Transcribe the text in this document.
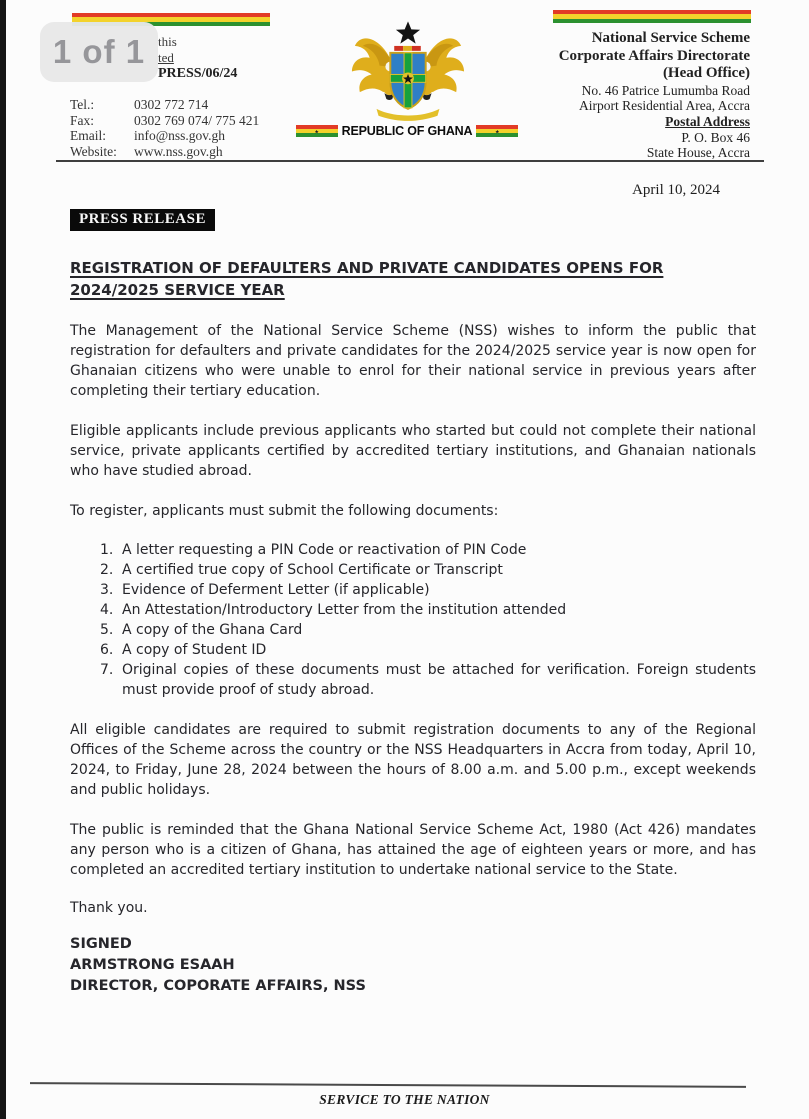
1 of 1 this
ted
PRESS/06/24
Tel.:	0302 772 714
Fax:	0302 769 074/ 775 421
Email:	info@nss.gov.gh
Website:	www.nss.gov.gh
REPUBLIC OF GHANA
National Service Scheme
Corporate Affairs Directorate
(Head Office)
No. 46 Patrice Lumumba Road
Airport Residential Area, Accra
Postal Address
P. O. Box 46
State House, Accra
April 10, 2024
PRESS RELEASE
REGISTRATION OF DEFAULTERS AND PRIVATE CANDIDATES OPENS FOR
2024/2025 SERVICE YEAR
The Management of the National Service Scheme (NSS) wishes to inform the public that registration for defaulters and private candidates for the 2024/2025 service year is now open for Ghanaian citizens who were unable to enrol for their national service in previous years after completing their tertiary education.
Eligible applicants include previous applicants who started but could not complete their national service, private applicants certified by accredited tertiary institutions, and Ghanaian nationals who have studied abroad.
To register, applicants must submit the following documents:
1. A letter requesting a PIN Code or reactivation of PIN Code
2. A certified true copy of School Certificate or Transcript
3. Evidence of Deferment Letter (if applicable)
4. An Attestation/Introductory Letter from the institution attended
5. A copy of the Ghana Card
6. A copy of Student ID
7. Original copies of these documents must be attached for verification. Foreign students must provide proof of study abroad.
All eligible candidates are required to submit registration documents to any of the Regional Offices of the Scheme across the country or the NSS Headquarters in Accra from today, April 10, 2024, to Friday, June 28, 2024 between the hours of 8.00 a.m. and 5.00 p.m., except weekends and public holidays.
The public is reminded that the Ghana National Service Scheme Act, 1980 (Act 426) mandates any person who is a citizen of Ghana, has attained the age of eighteen years or more, and has completed an accredited tertiary institution to undertake national service to the State.
Thank you.
SIGNED
ARMSTRONG ESAAH
DIRECTOR, COPORATE AFFAIRS, NSS
SERVICE TO THE NATION
